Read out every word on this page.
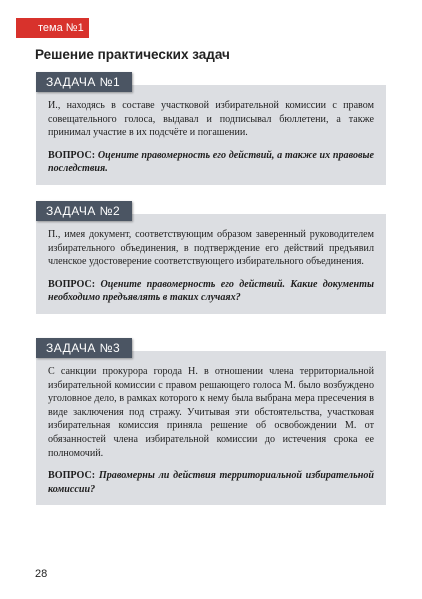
тема №1
Решение практических задач
ЗАДАЧА №1

И., находясь в составе участковой избирательной комиссии с правом совещательного голоса, выдавал и подписывал бюллетени, а также принимал участие в их подсчёте и погашении.

ВОПРОС: Оцените правомерность его действий, а также их правовые последствия.

ЗАДАЧА №2

П., имея документ, соответствующим образом заверенный руководителем избирательного объединения, в подтверждение его действий предъявил членское удостоверение соответствующего избирательного объединения.

ВОПРОС: Оцените правомерность его действий. Какие документы необходимо предъявлять в таких случаях?

ЗАДАЧА №3

С санкции прокурора города Н. в отношении члена территориальной избирательной комиссии с правом решающего голоса М. было возбуждено уголовное дело, в рамках которого к нему была выбрана мера пресечения в виде заключения под стражу. Учитывая эти обстоятельства, участковая избирательная комиссия приняла решение об освобождении М. от обязанностей члена избирательной комиссии до истечения срока ее полномочий.

ВОПРОС: Правомерны ли действия территориальной избирательной комиссии?

28
